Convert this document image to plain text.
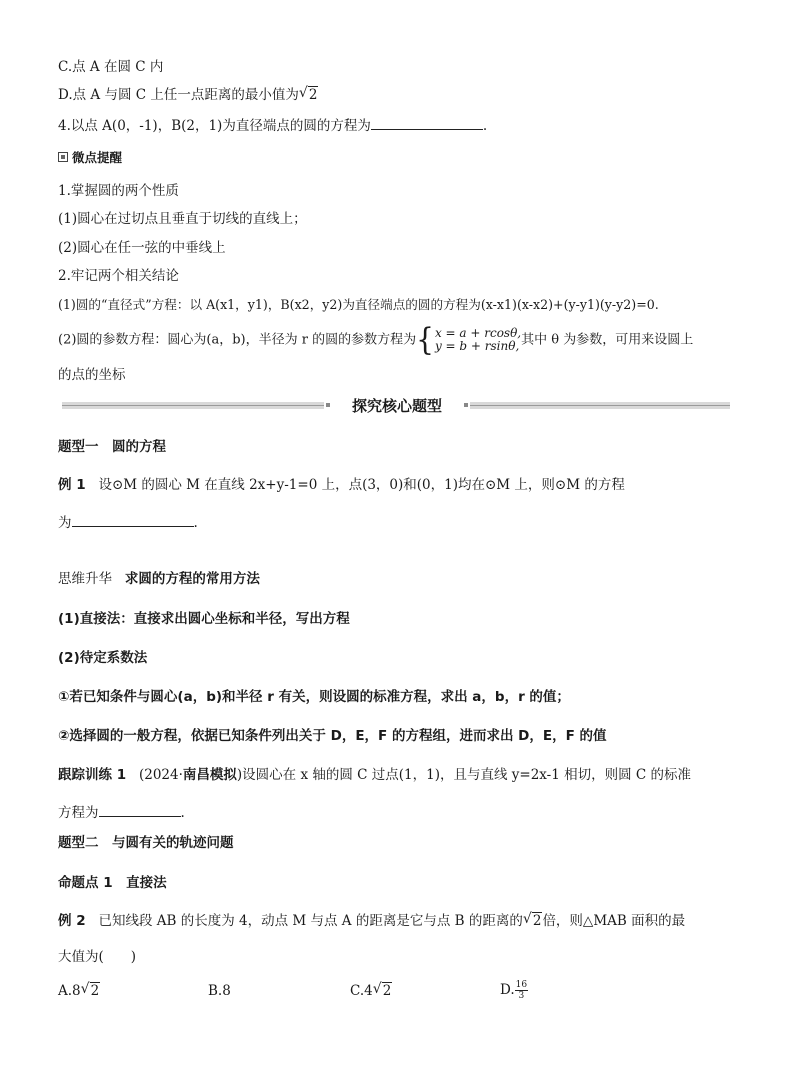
C.点 A 在圆 C 内
D.点 A 与圆 C 上任一点距离的最小值为 √ 2
4.以点 A(0，-1)，B(2，1)为直径端点的圆的方程为	.
微点提醒
1.掌握圆的两个性质
(1)圆心在过切点且垂直于切线的直线上；
(2)圆心在任一弦的中垂线上
2.牢记两个相关结论
(1)圆的“直径式”方程：以 A(x1，y1)，B(x2，y2)为直径端点的圆的方程为(x-x1)(x-x2)+(y-y1)(y-y2)=0.
(2)圆的参数方程：圆心为(a，b)，半径为 r 的圆的参数方程为{ x = a + rcosθ,
y = b + rsinθ, 其中 θ 为参数，可用来设圆上
的点的坐标
探究核心题型
题型一　圆的方程
例 1 设⊙M 的圆心 M 在直线 2x+y-1=0 上，点(3，0)和(0，1)均在⊙M 上，则⊙M 的方程
为	.
思维升华 求圆的方程的常用方法
(1)直接法：直接求出圆心坐标和半径，写出方程
(2)待定系数法
①若已知条件与圆心(a，b)和半径 r 有关，则设圆的标准方程，求出 a，b，r 的值；
②选择圆的一般方程，依据已知条件列出关于 D，E，F 的方程组，进而求出 D，E，F 的值
跟踪训练 1 (2024·南昌模拟)设圆心在 x 轴的圆 C 过点(1，1)，且与直线 y=2x-1 相切，则圆 C 的标准
方程为	.
题型二　与圆有关的轨迹问题
命题点 1　直接法
例 2 已知线段 AB 的长度为 4，动点 M 与点 A 的距离是它与点 B 的距离的 √ 2倍，则△MAB 面积的最
大值为(　　)
A.8 √ 2	B.8	C.4 √ 2	D. $\frac{16}{3}$
